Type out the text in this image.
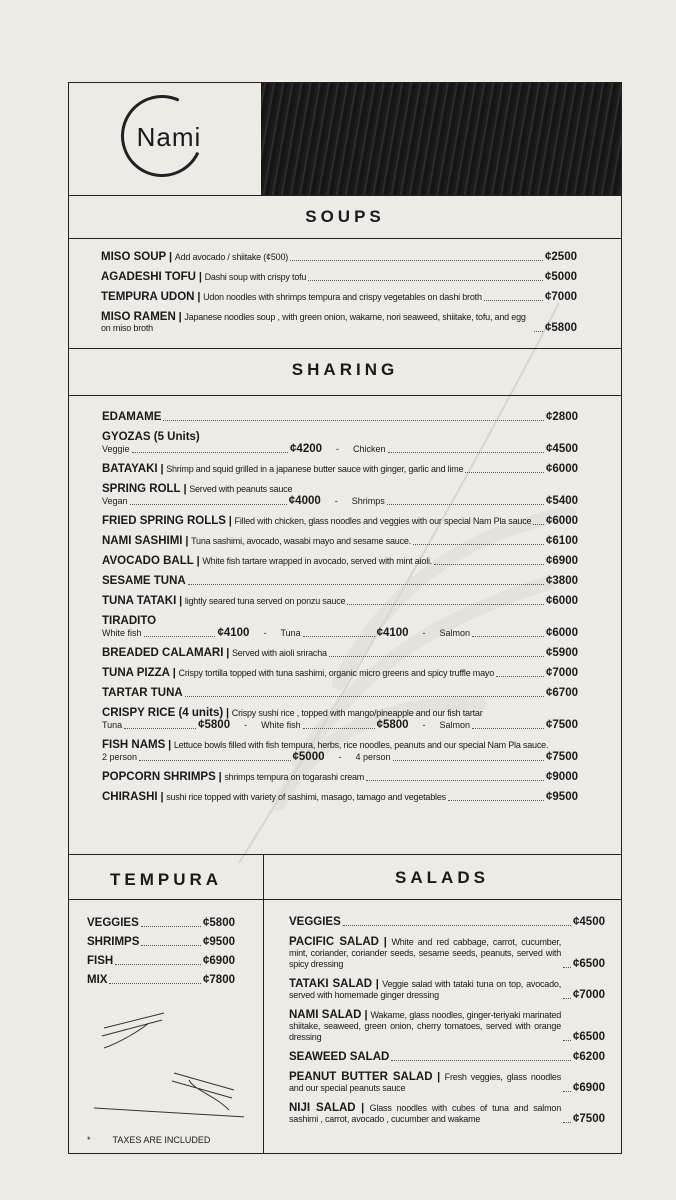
Nami
SOUPS
MISO SOUP | Add avocado / shiitake (¢500)	¢2500
AGADESHI TOFU | Dashi soup with crispy tofu	¢5000
TEMPURA UDON | Udon noodles with shrimps tempura and crispy vegetables on dashi broth	¢7000
MISO RAMEN | Japanese noodles soup , with green onion, wakame, nori seaweed, shiitake, tofu, and egg on miso broth	¢5800
SHARING
EDAMAME	¢2800
GYOZAS (5 Units)
Veggie	¢4200 - Chicken	¢4500
BATAYAKI | Shrimp and squid grilled in a japanese butter sauce with ginger, garlic and lime	¢6000
SPRING ROLL | Served with peanuts sauce
Vegan	¢4000 - Shrimps	¢5400
FRIED SPRING ROLLS | Filled with chicken, glass noodles and veggies with our special Nam Pla sauce ¢6000
NAMI SASHIMI | Tuna sashimi, avocado, wasabi mayo and sesame sauce.	¢6100
AVOCADO BALL | White fish tartare wrapped in avocado, served with mint aioli.	¢6900
SESAME TUNA	¢3800
TUNA TATAKI | lightly seared tuna served on ponzu sauce	¢6000
TIRADITO
White fish	¢4100 - Tuna	¢4100 - Salmon	¢6000
BREADED CALAMARI | Served with aioli sriracha	¢5900
TUNA PIZZA | Crispy tortilla topped with tuna sashimi, organic micro greens and spicy truffle mayo	¢7000
TARTAR TUNA	¢6700
CRISPY RICE (4 units) | Crispy sushi rice , topped with mango/pineapple and our fish tartar
Tuna	¢5800 - White fish	¢5800 - Salmon	¢7500
FISH NAMS | Lettuce bowls filled with fish tempura, herbs, rice noodles, peanuts and our special Nam Pla sauce.
2 person	¢5000 - 4 person	¢7500
POPCORN SHRIMPS | shrimps tempura on togarashi cream	¢9000
CHIRASHI | sushi rice topped with variety of sashimi, masago, tamago and vegetables	¢9500
TEMPURA	SALADS
VEGGIES	¢5800
SHRIMPS	¢9500
FISH	¢6900
MIX	¢7800
VEGGIES	¢4500
PACIFIC SALAD | White and red cabbage, carrot, cucumber, mint, coriander, coriander seeds, sesame seeds, peanuts, served with spicy dressing	¢6500
TATAKI SALAD | Veggie salad with tataki tuna on top, avocado, served with homemade ginger dressing	¢7000
NAMI SALAD | Wakame, glass noodles, ginger-teriyaki marinated shiitake, seaweed, green onion, cherry tomatoes, served with orange dressing	¢6500
SEAWEED SALAD	¢6200
PEANUT BUTTER SALAD | Fresh veggies, glass noodles and our special peanuts sauce	¢6900
NIJI SALAD | Glass noodles with cubes of tuna and salmon sashimi , carrot, avocado , cucumber and wakame	¢7500
* TAXES ARE INCLUDED
